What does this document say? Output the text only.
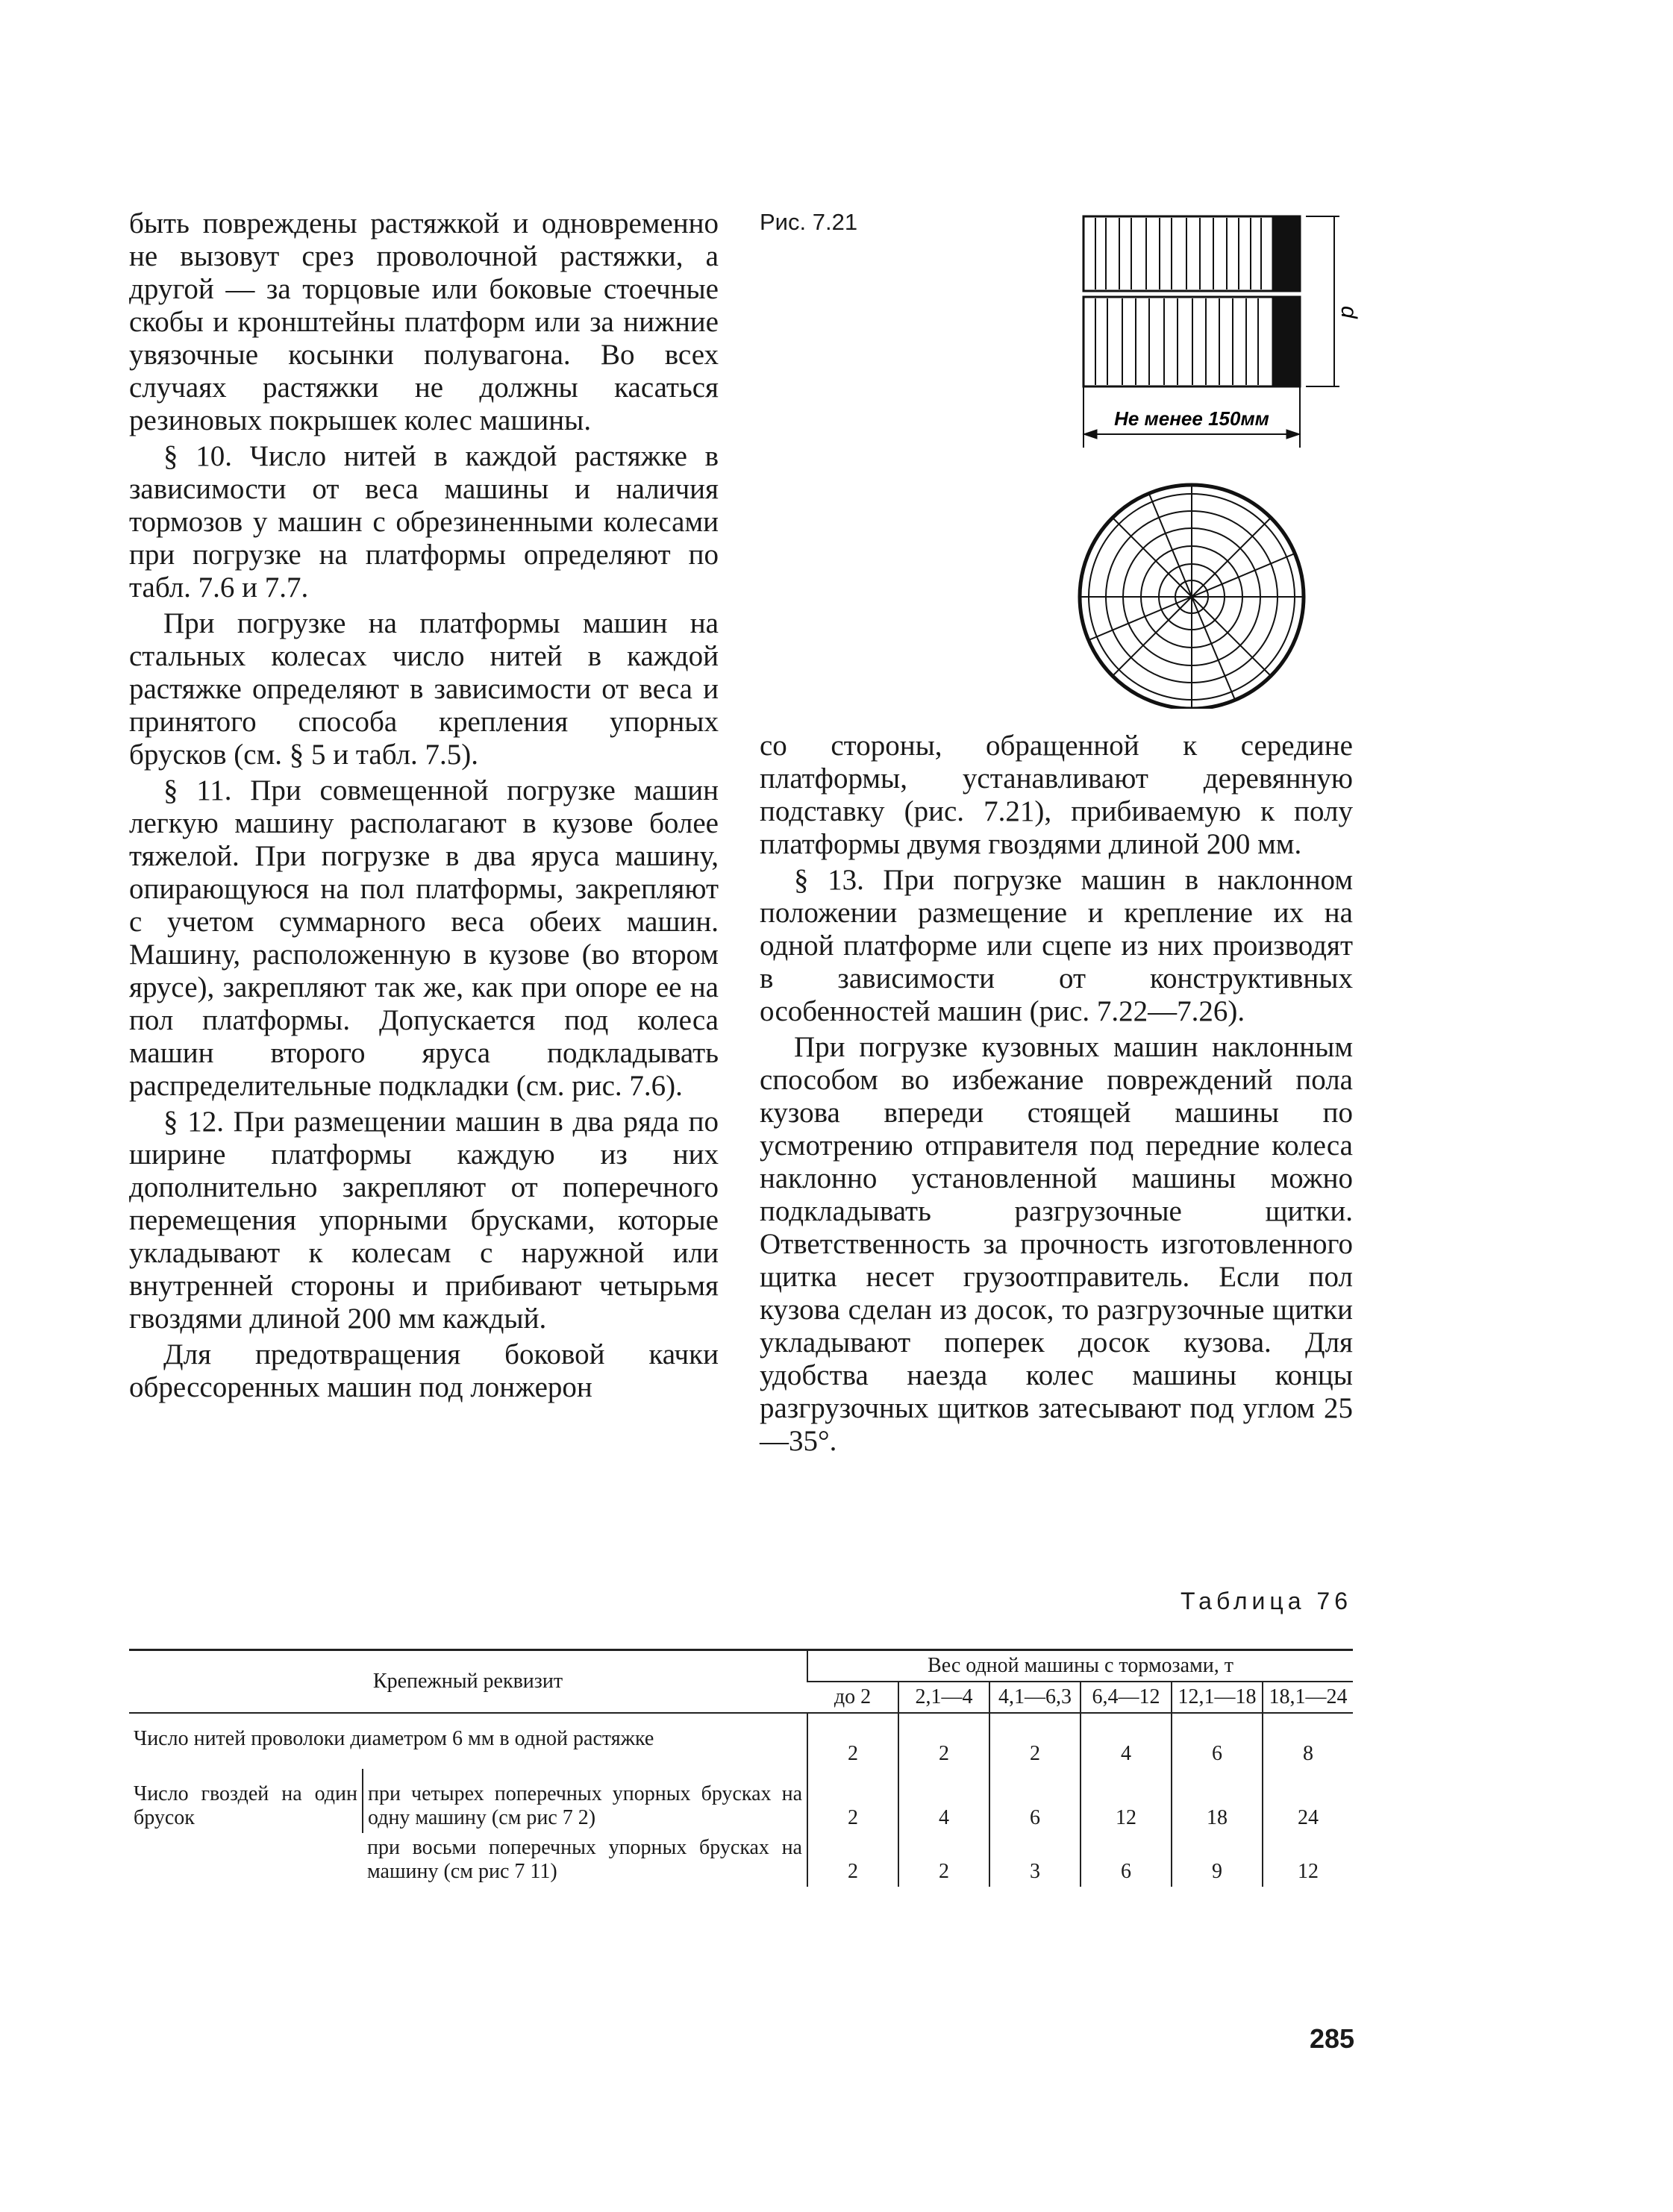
быть повреждены растяжкой и одновременно не вызовут срез проволочной растяжки, а другой — за торцовые или боковые стоечные скобы и кронштейны платформ или за нижние увязочные косынки полувагона. Во всех случаях растяжки не должны касаться резиновых покрышек колес машины.

§ 10. Число нитей в каждой растяжке в зависимости от веса машины и наличия тормозов у машин с обрезиненными колесами при погрузке на платформы определяют по табл. 7.6 и 7.7.

При погрузке на платформы машин на стальных колесах число нитей в каждой растяжке определяют в зависимости от веса и принятого способа крепления упорных брусков (см. § 5 и табл. 7.5).

§ 11. При совмещенной погрузке машин легкую машину располагают в кузове более тяжелой. При погрузке в два яруса машину, опирающуюся на пол платформы, закрепляют с учетом суммарного веса обеих машин. Машину, расположенную в кузове (во втором ярусе), закрепляют так же, как при опоре ее на пол платформы. Допускается под колеса машин второго яруса подкладывать распределительные подкладки (см. рис. 7.6).

§ 12. При размещении машин в два ряда по ширине платформы каждую из них дополнительно закрепляют от поперечного перемещения упорными брусками, которые укладывают к колесам с наружной или внутренней стороны и прибивают четырьмя гвоздями длиной 200 мм каждый.

Для предотвращения боковой качки обрессоренных машин под лонжерон

Рис. 7.21
d
Не менее 150мм

со стороны, обращенной к середине платформы, устанавливают деревянную подставку (рис. 7.21), прибиваемую к полу платформы двумя гвоздями длиной 200 мм.

§ 13. При погрузке машин в наклонном положении размещение и крепление их на одной платформе или сцепе из них производят в зависимости от конструктивных особенностей машин (рис. 7.22—7.26).

При погрузке кузовных машин наклонным способом во избежание повреждений пола кузова впереди стоящей машины по усмотрению отправителя под передние колеса наклонно установленной машины можно подкладывать разгрузочные щитки. Ответственность за прочность изготовленного щитка несет грузоотправитель. Если пол кузова сделан из досок, то разгрузочные щитки укладывают поперек досок кузова. Для удобства наезда колес машины концы разгрузочных щитков затесывают под углом 25—35°.

Таблица 76
Крепежный реквизит		Вес одной машины с тормозами, т					
		до 2	2,1—4	4,1—6,3	6,4—12	12,1—18	18,1—24
Число нитей проволоки диаметром 6 мм в одной растяжке		2	2	2	4	6	8
Число гвоздей на один брусок	при четырех поперечных упорных брусках на одну машину (см рис 7 2)	2	4	6	12	18	24
	при восьми поперечных упорных брусках на машину (см рис 7 11)	2	2	3	6	9	12
285
